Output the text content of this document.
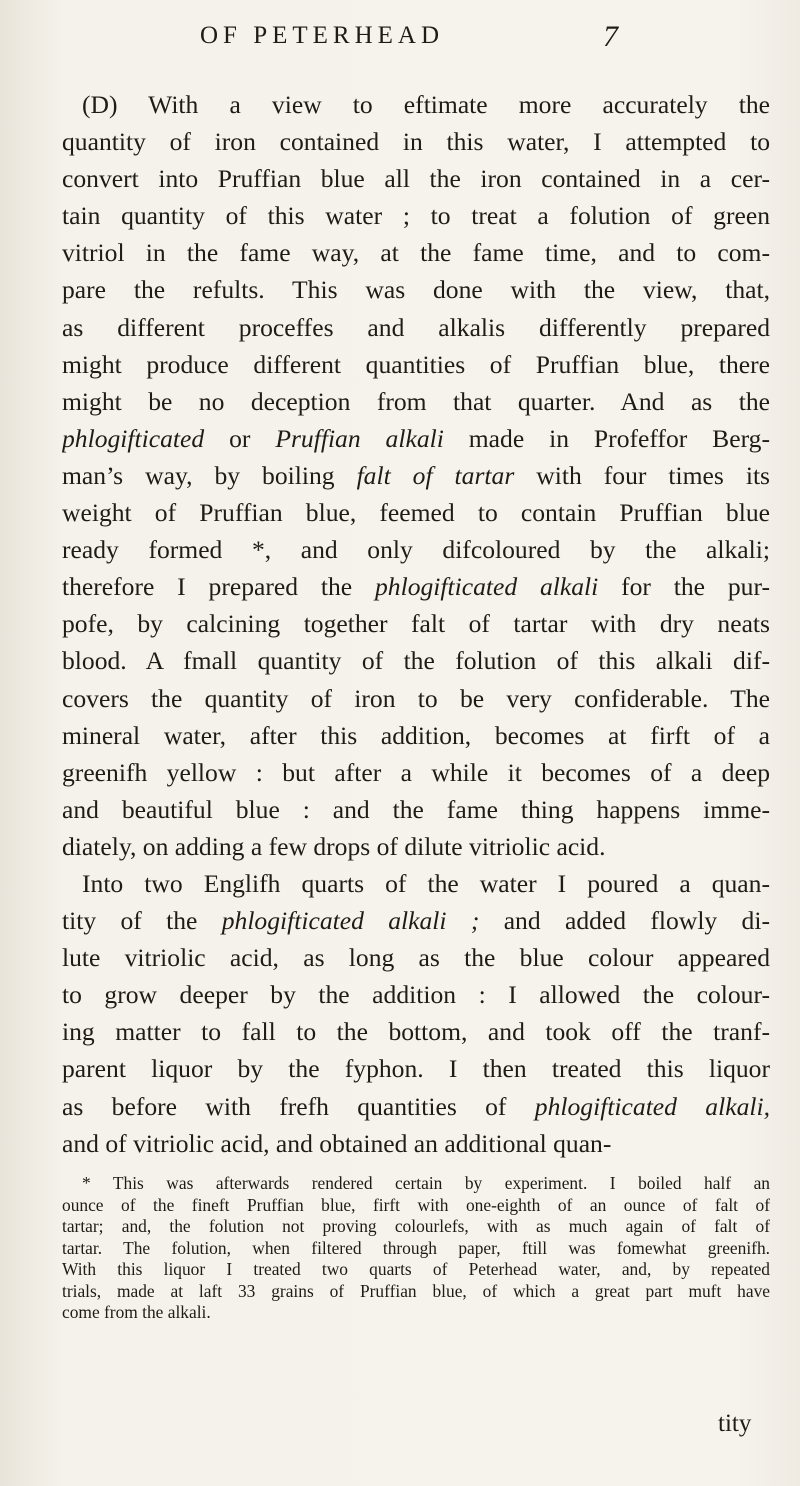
OF PETERHEAD	7
(D) With a view to eftimate more accurately the
quantity of iron contained in this water, I attempted to
convert into Pruffian blue all the iron contained in a cer-
tain quantity of this water ; to treat a folution of green
vitriol in the fame way, at the fame time, and to com-
pare the refults. This was done with the view, that,
as different proceffes and alkalis differently prepared
might produce different quantities of Pruffian blue, there
might be no deception from that quarter. And as the
phlogifticated or Pruffian alkali made in Profeffor Berg-
man’s way, by boiling falt of tartar with four times its
weight of Pruffian blue, feemed to contain Pruffian blue
ready formed *, and only difcoloured by the alkali;
therefore I prepared the phlogifticated alkali for the pur-
pofe, by calcining together falt of tartar with dry neats
blood. A fmall quantity of the folution of this alkali dif-
covers the quantity of iron to be very confiderable. The
mineral water, after this addition, becomes at firft of a
greenifh yellow : but after a while it becomes of a deep
and beautiful blue : and the fame thing happens imme-
diately, on adding a few drops of dilute vitriolic acid.
Into two Englifh quarts of the water I poured a quan-
tity of the phlogifticated alkali ; and added flowly di-
lute vitriolic acid, as long as the blue colour appeared
to grow deeper by the addition : I allowed the colour-
ing matter to fall to the bottom, and took off the tranf-
parent liquor by the fyphon. I then treated this liquor
as before with frefh quantities of phlogifticated alkali,
and of vitriolic acid, and obtained an additional quan-
* This was afterwards rendered certain by experiment. I boiled half an
ounce of the fineft Pruffian blue, firft with one-eighth of an ounce of falt of
tartar; and, the folution not proving colourlefs, with as much again of falt of
tartar. The folution, when filtered through paper, ftill was fomewhat greenifh.
With this liquor I treated two quarts of Peterhead water, and, by repeated
trials, made at laft 33 grains of Pruffian blue, of which a great part muft have
come from the alkali.
tity
